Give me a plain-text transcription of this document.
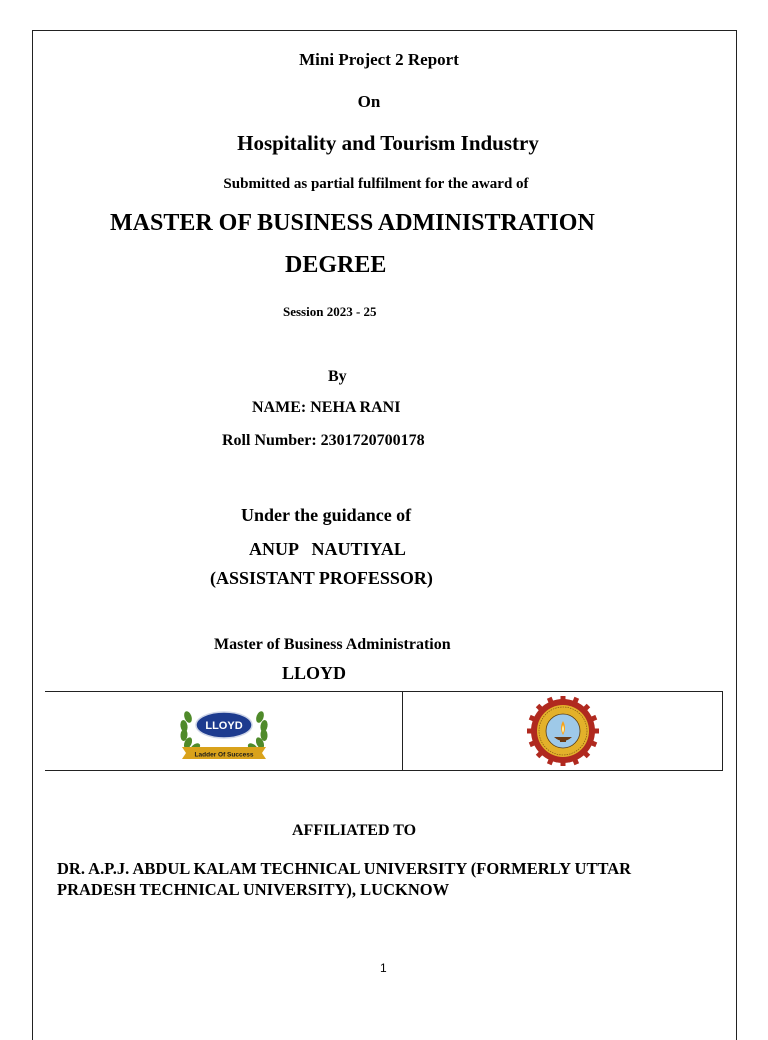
Mini Project 2 Report
On
Hospitality and Tourism Industry
Submitted as partial fulfilment for the award of
MASTER OF BUSINESS ADMINISTRATION
DEGREE
Session 2023 - 25
By
NAME: NEHA RANI
Roll Number: 2301720700178
Under the guidance of
ANUP   NAUTIYAL
(ASSISTANT PROFESSOR)
Master of Business Administration
LLOYD
LLOYD
Ladder Of Success
AFFILIATED TO
DR. A.P.J. ABDUL KALAM TECHNICAL UNIVERSITY (FORMERLY UTTAR
PRADESH TECHNICAL UNIVERSITY), LUCKNOW
1
